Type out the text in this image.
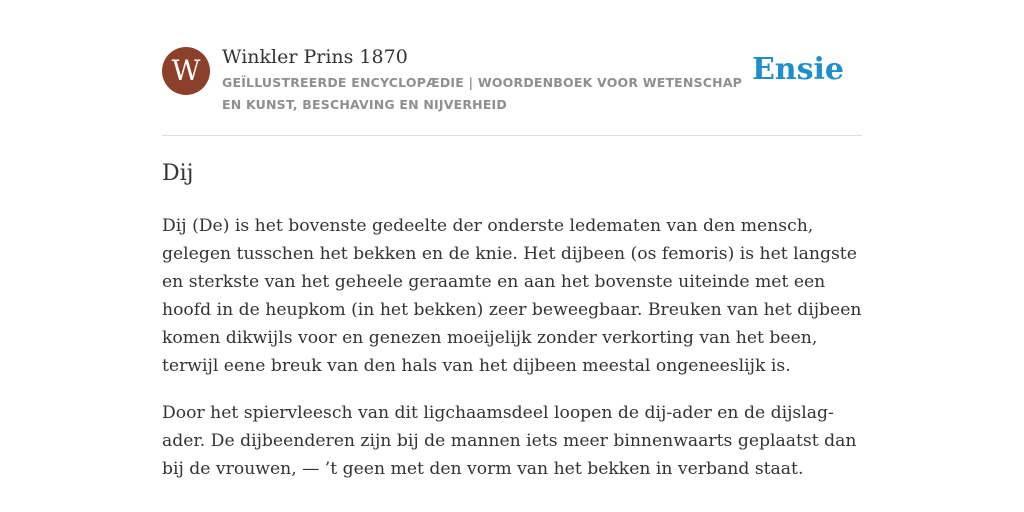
W	Winkler Prins 1870
GEÏLLUSTREERDE ENCYCLOPÆDIE | WOORDENBOEK VOOR WETENSCHAP EN KUNST, BESCHAVING EN NIJVERHEID
Ensie
Dij

Dij (De) is het bovenste gedeelte der onderste ledematen van den mensch, gelegen tusschen het bekken en de knie. Het dijbeen (os femoris) is het langste en sterkste van het geheele geraamte en aan het bovenste uiteinde met een hoofd in de heupkom (in het bekken) zeer beweegbaar. Breuken van het dijbeen komen dikwijls voor en genezen moeijelijk zonder verkorting van het been, terwijl eene breuk van den hals van het dijbeen meestal ongeneeslijk is.

Door het spiervleesch van dit ligchaamsdeel loopen de dij-ader en de dijslag-ader. De dijbeenderen zijn bij de mannen iets meer binnenwaarts geplaatst dan bij de vrouwen, — ’t geen met den vorm van het bekken in verband staat.
